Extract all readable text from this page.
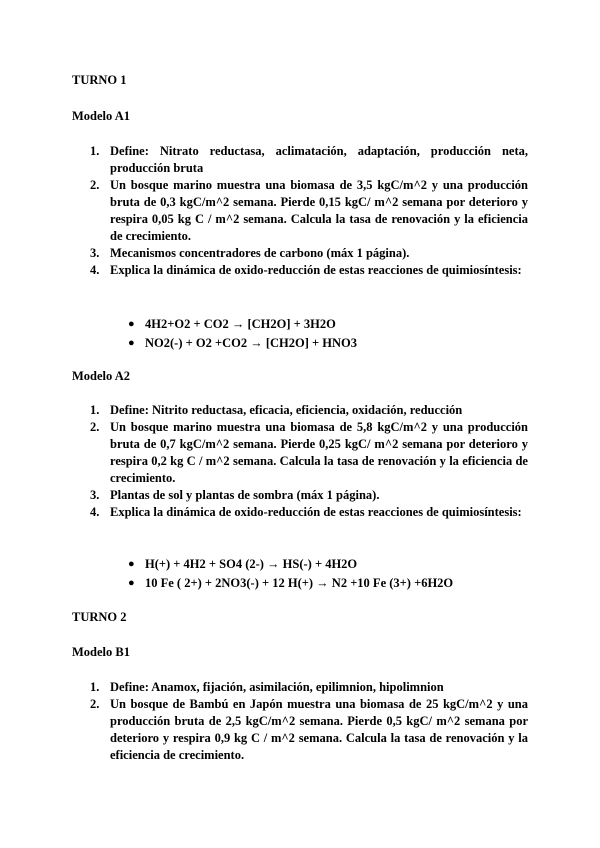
TURNO 1
Modelo A1
1. Define: Nitrato reductasa, aclimatación, adaptación, producción neta, producción bruta
2. Un bosque marino muestra una biomasa de 3,5 kgC/m^2 y una producción bruta de 0,3 kgC/m^2 semana. Pierde 0,15 kgC/ m^2 semana por deterioro y respira 0,05 kg C / m^2 semana. Calcula la tasa de renovación y la eficiencia de crecimiento.
3. Mecanismos concentradores de carbono (máx 1 página).
4. Explica la dinámica de oxido-reducción de estas reacciones de quimiosíntesis:
● 4H2+O2 + CO2 → [CH2O] + 3H2O
● NO2(-) + O2 +CO2 → [CH2O] + HNO3
Modelo A2
1. Define: Nitrito reductasa, eficacia, eficiencia, oxidación, reducción
2. Un bosque marino muestra una biomasa de 5,8 kgC/m^2 y una producción bruta de 0,7 kgC/m^2 semana. Pierde 0,25 kgC/ m^2 semana por deterioro y respira 0,2 kg C / m^2 semana. Calcula la tasa de renovación y la eficiencia de crecimiento.
3. Plantas de sol y plantas de sombra (máx 1 página).
4. Explica la dinámica de oxido-reducción de estas reacciones de quimiosíntesis:
● H(+) + 4H2 + SO4 (2-) → HS(-) + 4H2O
● 10 Fe ( 2+) + 2NO3(-) + 12 H(+) → N2 +10 Fe (3+) +6H2O
TURNO 2
Modelo B1
1. Define: Anamox, fijación, asimilación, epilimnion, hipolimnion
2. Un bosque de Bambú en Japón muestra una biomasa de 25 kgC/m^2 y una producción bruta de 2,5 kgC/m^2 semana. Pierde 0,5 kgC/ m^2 semana por deterioro y respira 0,9 kg C / m^2 semana. Calcula la tasa de renovación y la eficiencia de crecimiento.
